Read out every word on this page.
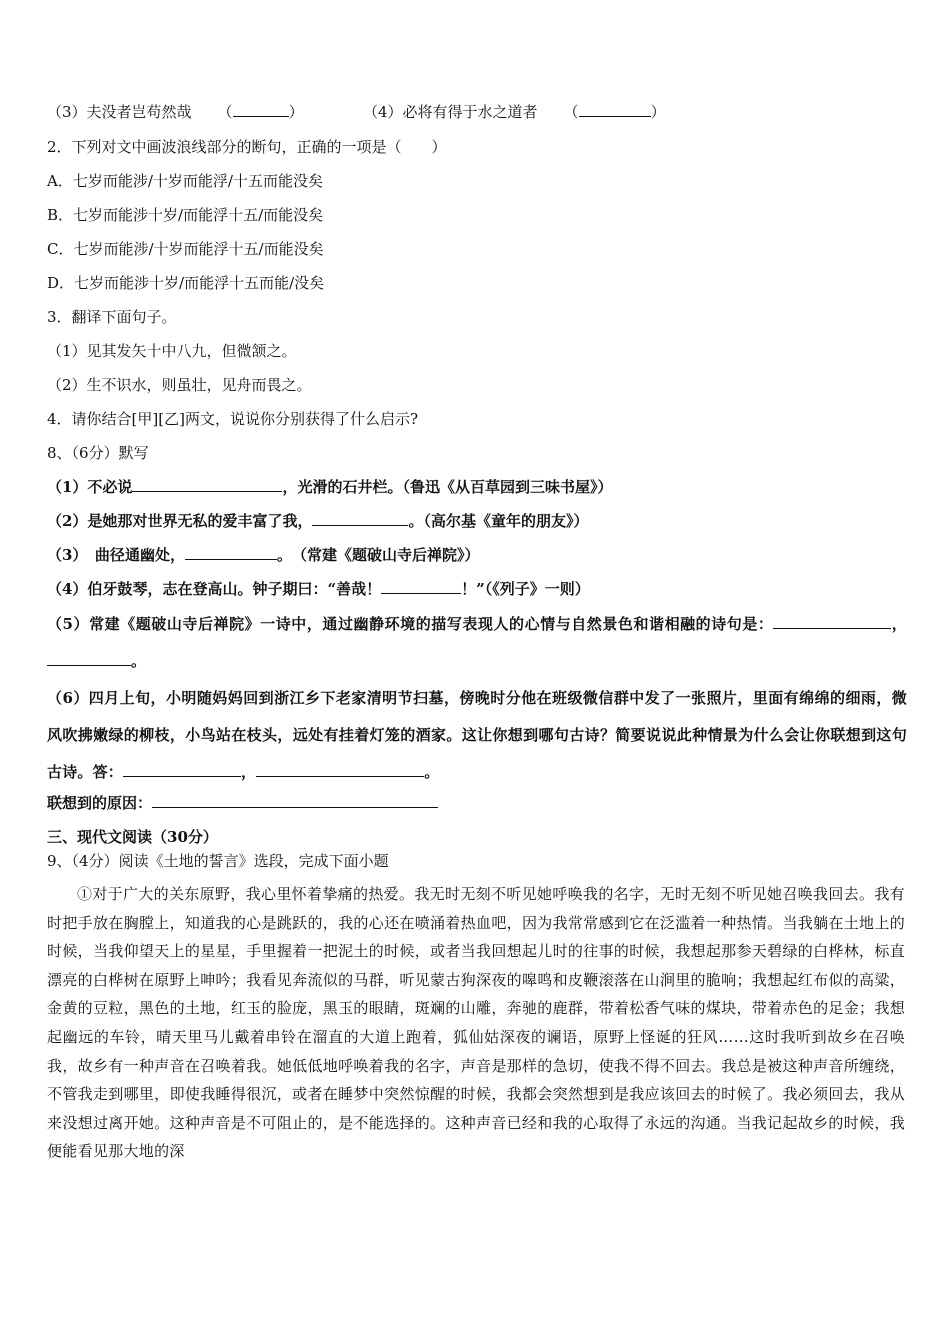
（3）夫没者岂苟然哉 （	）	（4）必将有得于水之道者 （	）
2．下列对文中画波浪线部分的断句，正确的一项是（　　）
A．七岁而能涉/十岁而能浮/十五而能没矣
B．七岁而能涉十岁/而能浮十五/而能没矣
C．七岁而能涉/十岁而能浮十五/而能没矣
D．七岁而能涉十岁/而能浮十五而能/没矣
3．翻译下面句子。
（1）见其发矢十中八九，但微颔之。
（2）生不识水，则虽壮，见舟而畏之。
4．请你结合[甲][乙]两文，说说你分别获得了什么启示?
8、（6分）默写
（1）不必说	，光滑的石井栏。（鲁迅《从百草园到三味书屋》）
（2）是她那对世界无私的爱丰富了我，	。（高尔基《童年的朋友》）
（3）　曲径通幽处，	。　（常建《题破山寺后禅院》）
（4）伯牙鼓琴，志在登高山。钟子期曰：“善哉！	！”（《列子》一则）
（5）常建《题破山寺后禅院》一诗中，通过幽静环境的描写表现人的心情与自然景色和谐相融的诗句是：	，。
（6）四月上旬，小明随妈妈回到浙江乡下老家清明节扫墓，傍晚时分他在班级微信群中发了一张照片，里面有绵绵的细雨，微风吹拂嫩绿的柳枝，小鸟站在枝头，远处有挂着灯笼的酒家。这让你想到哪句古诗？简要说说此种情景为什么会让你联想到这句古诗。答：	，	。
联想到的原因：
三、现代文阅读（30分）
9、（4分）阅读《土地的誓言》选段，完成下面小题
①对于广大的关东原野，我心里怀着挚痛的热爱。我无时无刻不听见她呼唤我的名字，无时无刻不听见她召唤我回去。我有时把手放在胸膛上，知道我的心是跳跃的，我的心还在喷涌着热血吧，因为我常常感到它在泛滥着一种热情。当我躺在土地上的时候，当我仰望天上的星星，手里握着一把泥土的时候，或者当我回想起儿时的往事的时候，我想起那参天碧绿的白桦林，标直漂亮的白桦树在原野上呻吟；我看见奔流似的马群，听见蒙古狗深夜的嗥鸣和皮鞭滚落在山涧里的脆响；我想起红布似的高粱，金黄的豆粒，黑色的土地，红玉的脸庞，黑玉的眼睛，斑斓的山雕，奔驰的鹿群，带着松香气味的煤块，带着赤色的足金；我想起幽远的车铃，晴天里马儿戴着串铃在溜直的大道上跑着，狐仙姑深夜的谰语，原野上怪诞的狂风……这时我听到故乡在召唤我，故乡有一种声音在召唤着我。她低低地呼唤着我的名字，声音是那样的急切，使我不得不回去。我总是被这种声音所缠绕，不管我走到哪里，即使我睡得很沉，或者在睡梦中突然惊醒的时候，我都会突然想到是我应该回去的时候了。我必须回去，我从来没想过离开她。这种声音是不可阻止的，是不能选择的。这种声音已经和我的心取得了永远的沟通。当我记起故乡的时候，我便能看见那大地的深
